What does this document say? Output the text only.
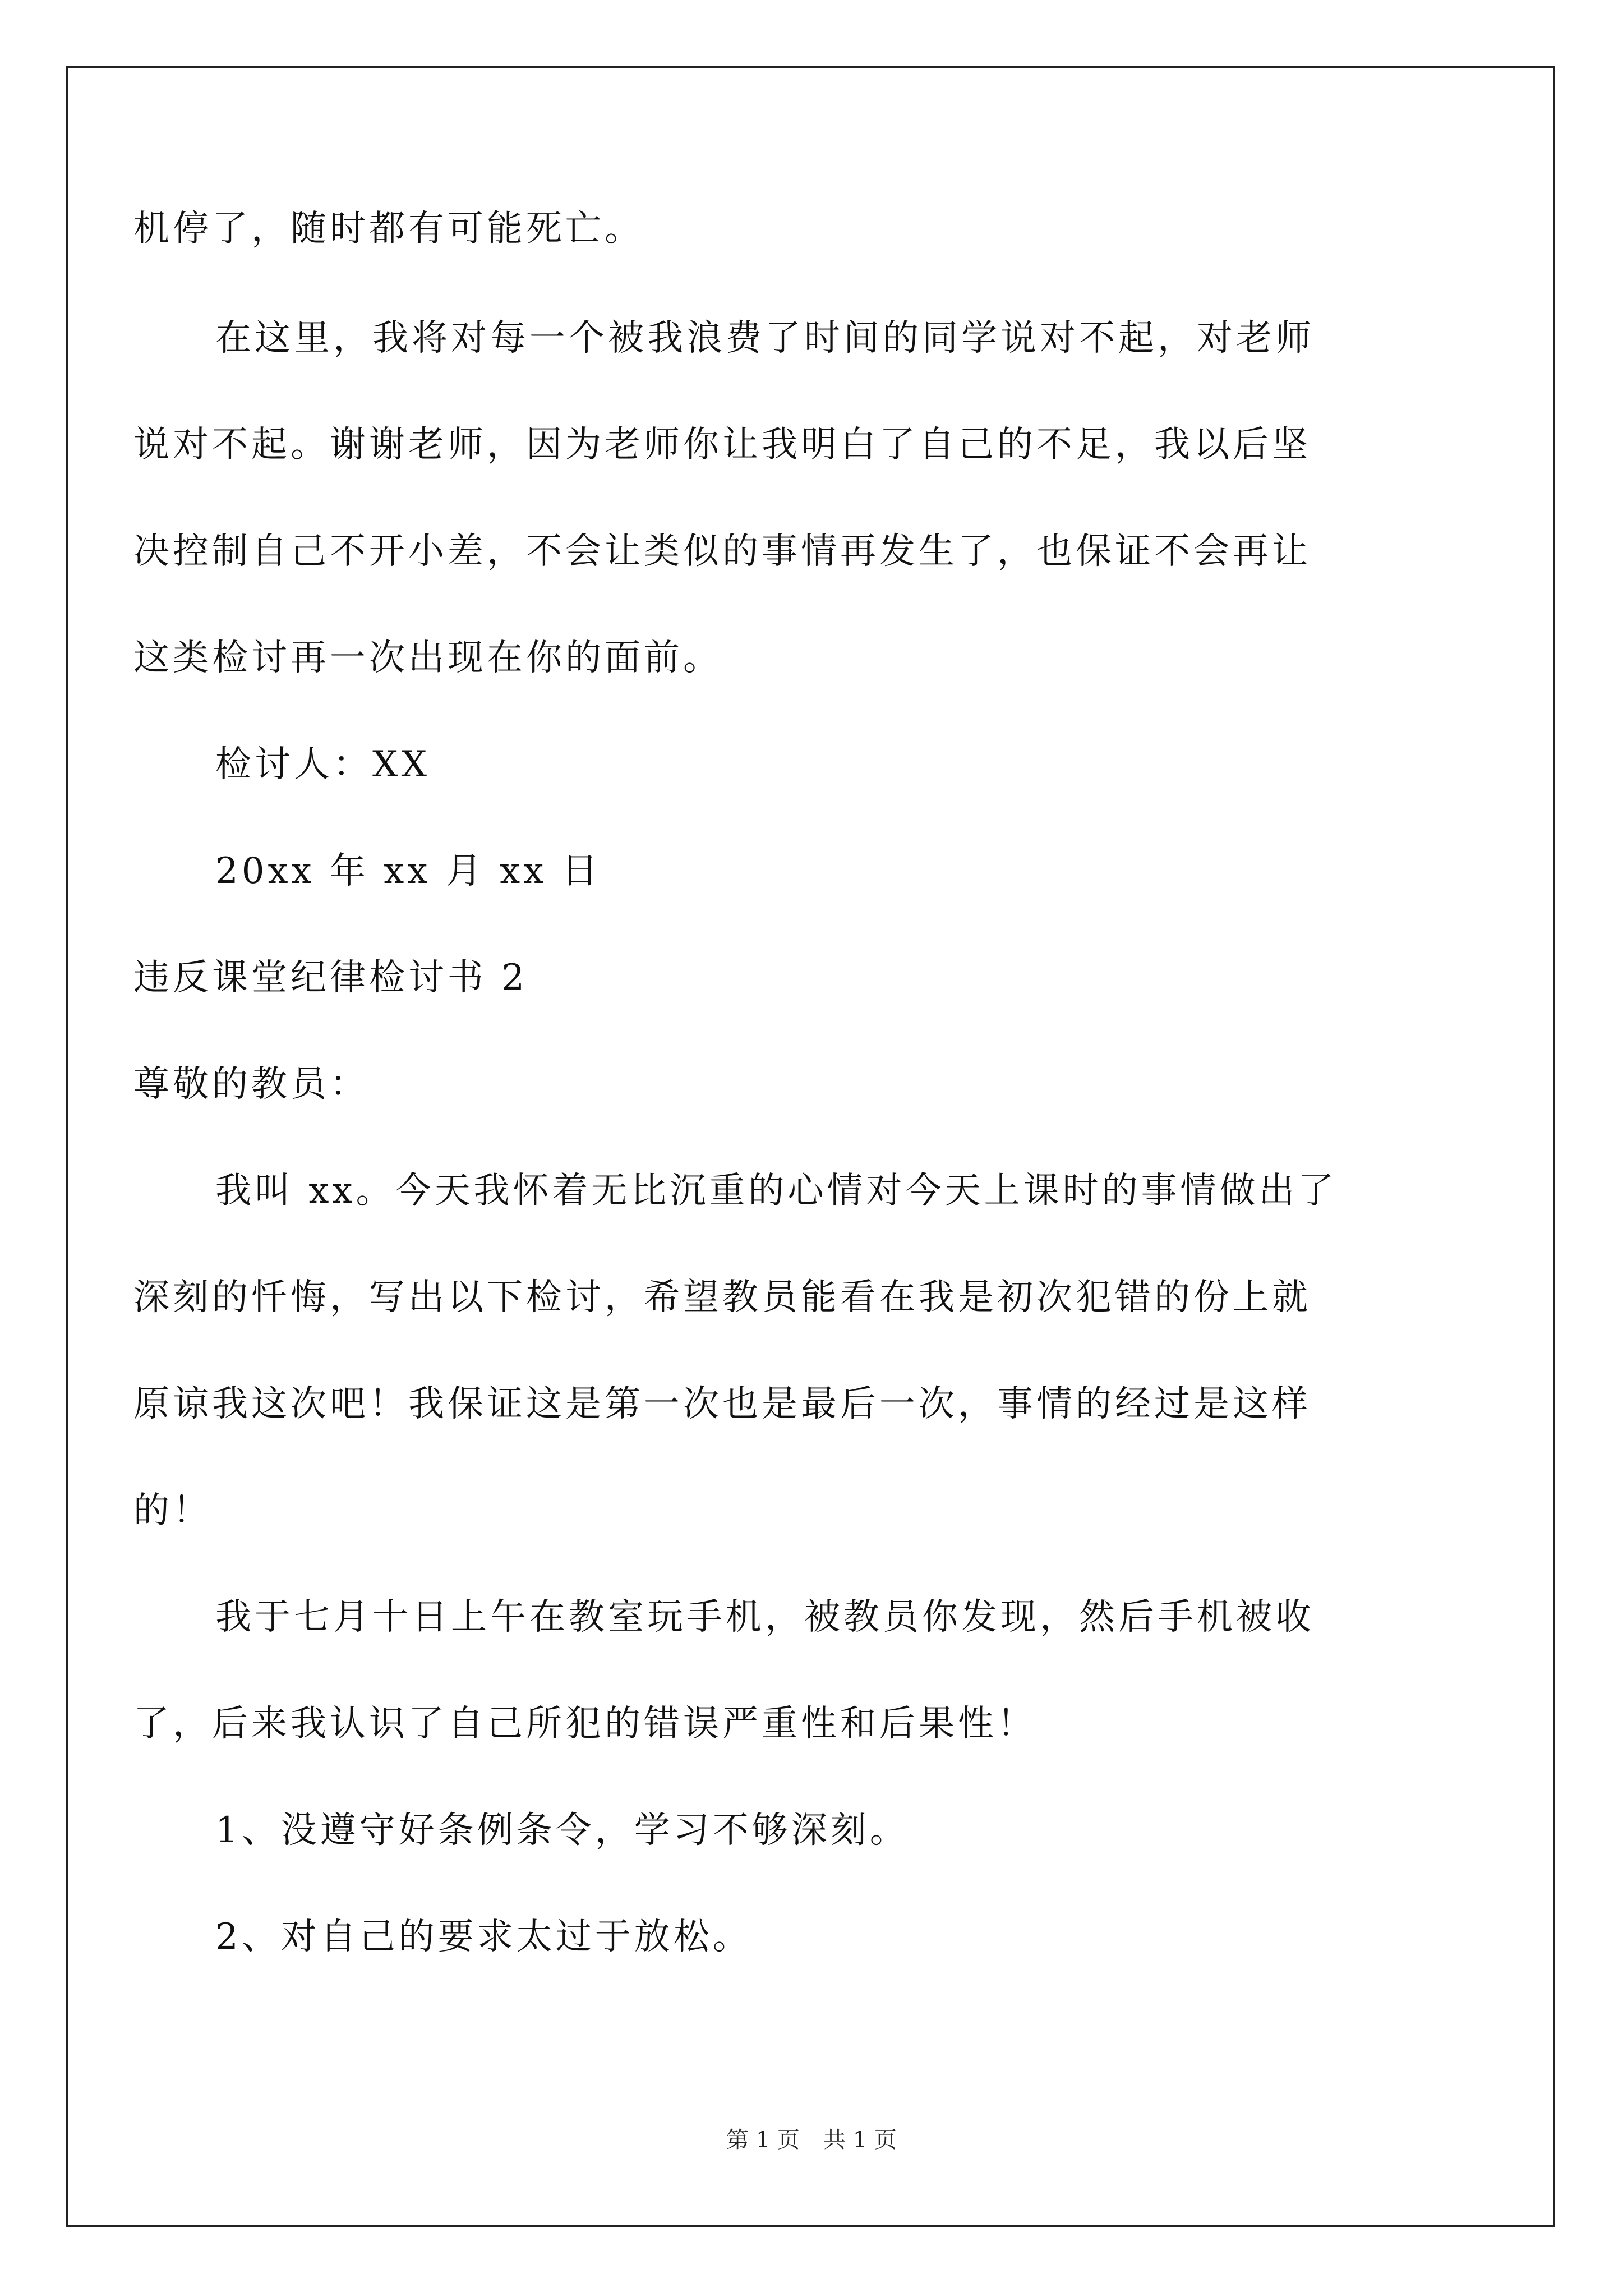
机停了，随时都有可能死亡。
在这里，我将对每一个被我浪费了时间的同学说对不起，对老师
说对不起。谢谢老师，因为老师你让我明白了自己的不足，我以后坚
决控制自己不开小差，不会让类似的事情再发生了，也保证不会再让
这类检讨再一次出现在你的面前。
检讨人：XX
20xx 年 xx 月 xx 日
违反课堂纪律检讨书 2
尊敬的教员：
我叫 xx。今天我怀着无比沉重的心情对今天上课时的事情做出了
深刻的忏悔，写出以下检讨，希望教员能看在我是初次犯错的份上就
原谅我这次吧！我保证这是第一次也是最后一次，事情的经过是这样
的！
我于七月十日上午在教室玩手机，被教员你发现，然后手机被收
了，后来我认识了自己所犯的错误严重性和后果性！
1、没遵守好条例条令，学习不够深刻。
2、对自己的要求太过于放松。
第 1 页 共 1 页
